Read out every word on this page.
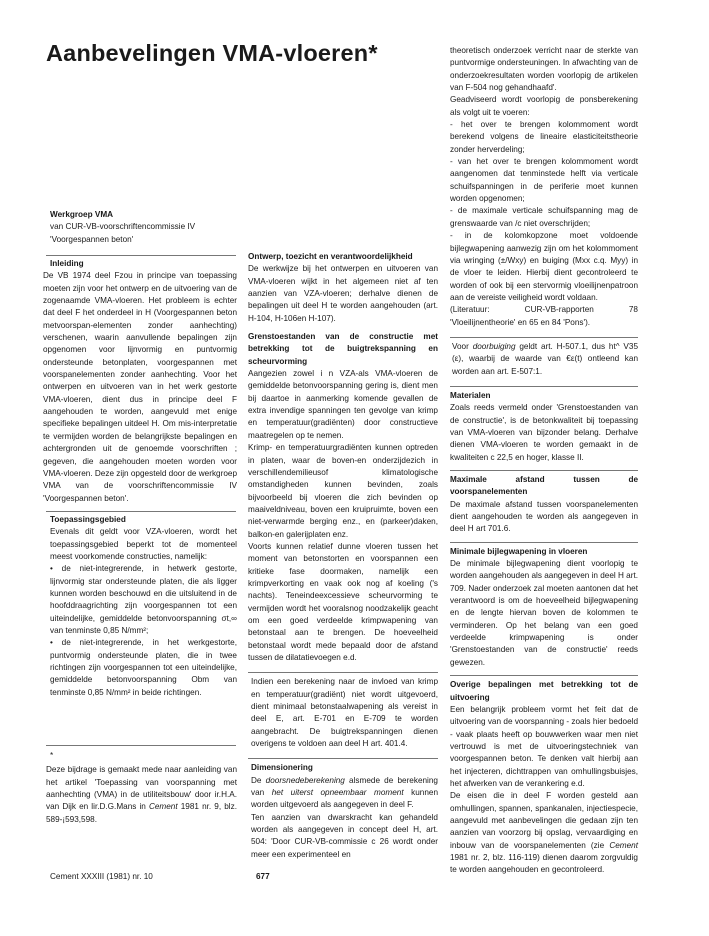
Aanbevelingen VMA-vloeren*

Werkgroep VMA

van CUR-VB-voorschriftencommissie IV

'Voorgespannen beton'

Inleiding

De VB 1974 deel Fzou in principe van toepassing moeten zijn voor het ontwerp en de uitvoering van de zogenaamde VMA-vloeren. Het probleem is echter dat deel F het onderdeel in H (Voorgespannen beton metvoorspan-elementen zonder aanhechting) verschenen, waarin aanvullende bepalingen zijn opgenomen voor lijnvormig en puntvormig ondersteunde betonplaten, voorgespannen met voorspanelementen zonder aanhechting. Voor het ontwerpen en uitvoeren van in het werk gestorte VMA-vloeren, dient dus in principe deel F aangehouden te worden, aangevuld met enige specifieke bepalingen uitdeel H. Om mis-interpretatie te vermijden worden de belangrijkste bepalingen en achtergronden uit de genoemde voorschriften ; gegeven, die aangehouden moeten worden voor VMA-vloeren. Deze zijn opgesteld door de werkgroep VMA van de voorschriftencommissie IV 'Voorgespannen beton'.

Toepassingsgebied

Evenals dit geldt voor VZA-vloeren, wordt het toepassingsgebied beperkt tot de momenteel meest voorkomende constructies, namelijk:

• de niet-integrerende, in hetwerk gestorte, lijnvormig star ondersteunde platen, die als ligger kunnen worden beschouwd en die uitsluitend in de hoofddraagrichting zijn voorgespannen tot een uiteindelijke, gemiddelde betonvoorspanning σt,∞ van tenminste 0,85 N/mm²;

• de niet-integrerende, in het werkgestorte, puntvormig ondersteunde platen, die in twee richtingen zijn voorgespannen tot een uiteindelijke, gemiddelde betonvoorspanning Obm van tenminste 0,85 N/mm² in beide richtingen.

*

Deze bijdrage is gemaakt mede naar aanleiding van het artikel 'Toepassing van voorspanning met aanhechting (VMA) in de utiliteitsbouw' door ir.H.A. van Dijk en lir.D.G.Mans in Cement 1981 nr. 9, blz. 589-¡593,598.

Ontwerp, toezicht en verantwoordelijkheid

De werkwijze bij het ontwerpen en uitvoeren van VMA-vloeren wijkt in het algemeen niet af ten aanzien van VZA-vloeren; derhalve dienen de bepalingen uit deel H te worden aangehouden (art. H-104, H-106en H-107).

Grenstoestanden van de constructie met betrekking tot de buigtrekspanning en scheurvorming

Aangezien zowel i n VZA-als VMA-vloeren de gemiddelde betonvoorspanning gering is, dient men bij daartoe in aanmerking komende gevallen de extra invendige spanningen ten gevolge van krimp en temperatuur(gradiënten) door constructieve maatregelen op te nemen.
Krimp- en temperatuurgradiënten kunnen optreden in platen, waar de boven-en onderzijdezich in verschillendemilieusof klimatologische omstandigheden kunnen bevinden, zoals bijvoorbeeld bij vloeren die zich bevinden op maaiveldniveau, boven een kruipruimte, boven een niet-verwarmde berging enz., en (parkeer)daken, balkon-en galerijplaten enz.
Voorts kunnen relatief dunne vloeren tussen het moment van betonstorten en voorspannen een kritieke fase doormaken, namelijk een krimpverkorting en vaak ook nog af koeling ('s nachts). Teneindeexcessieve scheurvorming te vermijden wordt het vooralsnog noodzakelijk geacht om een goed verdeelde krimpwapening van betonstaal aan te brengen. De hoeveelheid betonstaal wordt mede bepaald door de afstand tussen de dilatatievoegen e.d.

Indien een berekening naar de invloed van krimp en temperatuur(gradiënt) niet wordt uitgevoerd, dient minimaal betonstaalwapening als vereist in deel E, art. E-701 en E-709 te worden aangebracht. De buigtrekspanningen dienen overigens te voldoen aan deel H art. 401.4.

Dimensionering

De doorsnedeberekening alsmede de berekening van het uiterst opneembaar moment kunnen worden uitgevoerd als aangegeven in deel F.
Ten aanzien van dwarskracht kan gehandeld worden als aangegeven in concept deel H, art. 504: 'Door CUR-VB-commissie c 26 wordt onder meer een experimenteel en

theoretisch onderzoek verricht naar de sterkte van puntvormige ondersteuningen. In afwachting van de onderzoekresultaten worden voorlopig de artikelen van F-504 nog gehandhaafd'.
Geadviseerd wordt voorlopig de ponsberekening als volgt uit te voeren:
- het over te brengen kolommoment wordt berekend volgens de lineaire elasticiteitstheorie zonder herverdeling;
- van het over te brengen kolommoment wordt aangenomen dat tenminstede helft via verticale schuifspanningen in de periferie moet kunnen worden opgenomen;
- de maximale verticale schuifspanning mag de grenswaarde van /c niet overschrijden;
- in de kolomkopzone moet voldoende bijlegwapening aanwezig zijn om het kolommoment via wringing (±/Wxy) en buiging (Mxx c.q. Myy) in de vloer te leiden. Hierbij dient gecontroleerd te worden of ook bij een stervormig vloeilijnenpatroon aan de vereiste veiligheid wordt voldaan.
(Literatuur: CUR-VB-rapporten 78 'Vloeilijnentheorie' en 65 en 84 'Pons').

Voor doorbuiging geldt art. H-507.1, dus ht^ V35 (ε), waarbij de waarde van €ε(t) ontleend kan worden aan art. E-507:1.

Materialen

Zoals reeds vermeld onder 'Grenstoestanden van de constructie', is de betonkwaliteit bij toepassing van VMA-vloeren van bijzonder belang. Derhalve dienen VMA-vloeren te worden gemaakt in de kwaliteiten c 22,5 en hoger, klasse II.

Maximale afstand tussen de voorspanelementen

De maximale afstand tussen voorspanelementen dient aangehouden te worden als aangegeven in deel H art 701.6.

Minimale bijlegwapening in vloeren

De minimale bijlegwapening dient voorlopig te worden aangehouden als aangegeven in deel H art. 709. Nader onderzoek zal moeten aantonen dat het verantwoord is om de hoeveelheid bijlegwapening en de lengte hiervan boven de kolommen te verminderen. Op het belang van een goed verdeelde krimpwapening is onder 'Grenstoestanden van de constructie' reeds gewezen.

Overige bepalingen met betrekking tot de uitvoering

Een belangrijk probleem vormt het feit dat de uitvoering van de voorspanning - zoals hier bedoeld - vaak plaats heeft op bouwwerken waar men niet vertrouwd is met de uitvoeringstechniek van voorgespannen beton. Te denken valt hierbij aan het injecteren, dichttrappen van omhullingsbuisjes, het afwerken van de verankering e.d.
De eisen die in deel F worden gesteld aan omhullingen, spannen, spankanalen, injectiespecie, aangevuld met aanbevelingen die gedaan zijn ten aanzien van voorzorg bij opslag, vervaardiging en inbouw van de voorspanelementen (zie Cement 1981 nr. 2, blz. 116-119) dienen daarom zorgvuldig te worden aangehouden en gecontroleerd.

Cement XXXIII (1981) nr. 10	677
